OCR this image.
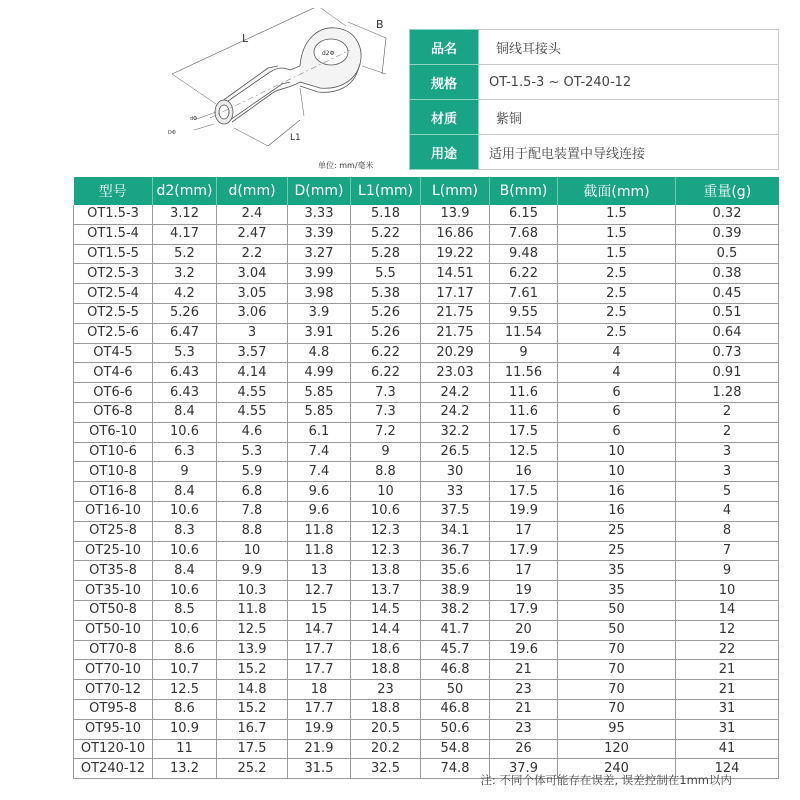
L
B
d2Φ
dΦ
DΦ	L1
单位: mm/毫米
品名	铜线耳接头
规格	OT-1.5-3 ~ OT-240-12
材质	紫铜
用途	适用于配电装置中导线连接
型号	d2(mm)	d(mm)	D(mm)	L1(mm)	L(mm)	B(mm)	截面(mm)	重量(g)
OT1.5-3	3.12	2.4	3.33	5.18	13.9	6.15	1.5	0.32
OT1.5-4	4.17	2.47	3.39	5.22	16.86	7.68	1.5	0.39
OT1.5-5	5.2	2.2	3.27	5.28	19.22	9.48	1.5	0.5
OT2.5-3	3.2	3.04	3.99	5.5	14.51	6.22	2.5	0.38
OT2.5-4	4.2	3.05	3.98	5.38	17.17	7.61	2.5	0.45
OT2.5-5	5.26	3.06	3.9	5.26	21.75	9.55	2.5	0.51
OT2.5-6	6.47	3	3.91	5.26	21.75	11.54	2.5	0.64
OT4-5	5.3	3.57	4.8	6.22	20.29	9	4	0.73
OT4-6	6.43	4.14	4.99	6.22	23.03	11.56	4	0.91
OT6-6	6.43	4.55	5.85	7.3	24.2	11.6	6	1.28
OT6-8	8.4	4.55	5.85	7.3	24.2	11.6	6	2
OT6-10	10.6	4.6	6.1	7.2	32.2	17.5	6	2
OT10-6	6.3	5.3	7.4	9	26.5	12.5	10	3
OT10-8	9	5.9	7.4	8.8	30	16	10	3
OT16-8	8.4	6.8	9.6	10	33	17.5	16	5
OT16-10	10.6	7.8	9.6	10.6	37.5	19.9	16	4
OT25-8	8.3	8.8	11.8	12.3	34.1	17	25	8
OT25-10	10.6	10	11.8	12.3	36.7	17.9	25	7
OT35-8	8.4	9.9	13	13.8	35.6	17	35	9
OT35-10	10.6	10.3	12.7	13.7	38.9	19	35	10
OT50-8	8.5	11.8	15	14.5	38.2	17.9	50	14
OT50-10	10.6	12.5	14.7	14.4	41.7	20	50	12
OT70-8	8.6	13.9	17.7	18.6	45.7	19.6	70	22
OT70-10	10.7	15.2	17.7	18.8	46.8	21	70	21
OT70-12	12.5	14.8	18	23	50	23	70	21
OT95-8	8.6	15.2	17.7	18.8	46.8	21	70	31
OT95-10	10.9	16.7	19.9	20.5	50.6	23	95	31
OT120-10	11	17.5	21.9	20.2	54.8	26	120	41
OT240-12	13.2	25.2	31.5	32.5	74.8	37.9	240	124
注: 不同个体可能存在误差, 误差控制在1mm以内
